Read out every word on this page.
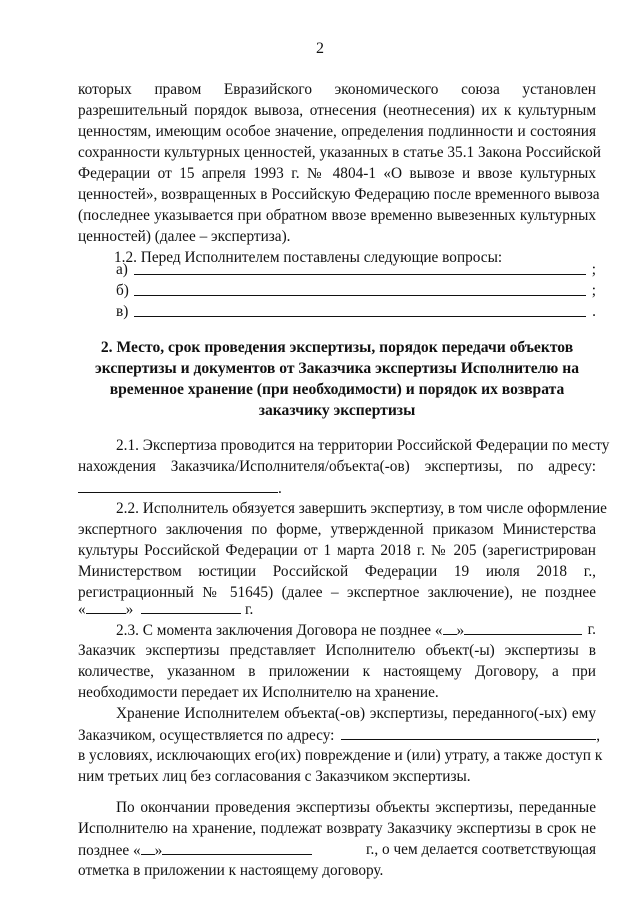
2
которых правом Евразийского экономического союза установлен
разрешительный порядок вывоза, отнесения (неотнесения) их к культурным
ценностям, имеющим особое значение, определения подлинности и состояния
сохранности культурных ценностей, указанных в статье 35.1 Закона Российской
Федерации от 15 апреля 1993 г. № 4804-1 «О вывозе и ввозе культурных
ценностей», возвращенных в Российскую Федерацию после временного вывоза
(последнее указывается при обратном ввозе временно вывезенных культурных
ценностей) (далее – экспертиза).
1.2. Перед Исполнителем поставлены следующие вопросы:
а)	;
б)	;
в)	.
2. Место, срок проведения экспертизы, порядок передачи объектов
экспертизы и документов от Заказчика экспертизы Исполнителю на
временное хранение (при необходимости) и порядок их возврата
заказчику экспертизы
2.1. Экспертиза проводится на территории Российской Федерации по месту
нахождения Заказчика/Исполнителя/объекта(-ов) экспертизы, по адресу:
.
2.2. Исполнитель обязуется завершить экспертизу, в том числе оформление
экспертного заключения по форме, утвержденной приказом Министерства
культуры Российской Федерации от 1 марта 2018 г. № 205 (зарегистрирован
Министерством юстиции Российской Федерации 19 июля 2018 г.,
регистрационный № 51645) (далее – экспертное заключение), не позднее
«	»	г.
2.3. С момента заключения Договора не позднее « »	г.
Заказчик экспертизы представляет Исполнителю объект(-ы) экспертизы в
количестве, указанном в приложении к настоящему Договору, а при
необходимости передает их Исполнителю на хранение.
Хранение Исполнителем объекта(-ов) экспертизы, переданного(-ых) ему
Заказчиком, осуществляется по адресу:	,
в условиях, исключающих его(их) повреждение и (или) утрату, а также доступ к
ним третьих лиц без согласования с Заказчиком экспертизы.
По окончании проведения экспертизы объекты экспертизы, переданные
Исполнителю на хранение, подлежат возврату Заказчику экспертизы в срок не
позднее « »	г., о чем делается соответствующая
отметка в приложении к настоящему договору.
